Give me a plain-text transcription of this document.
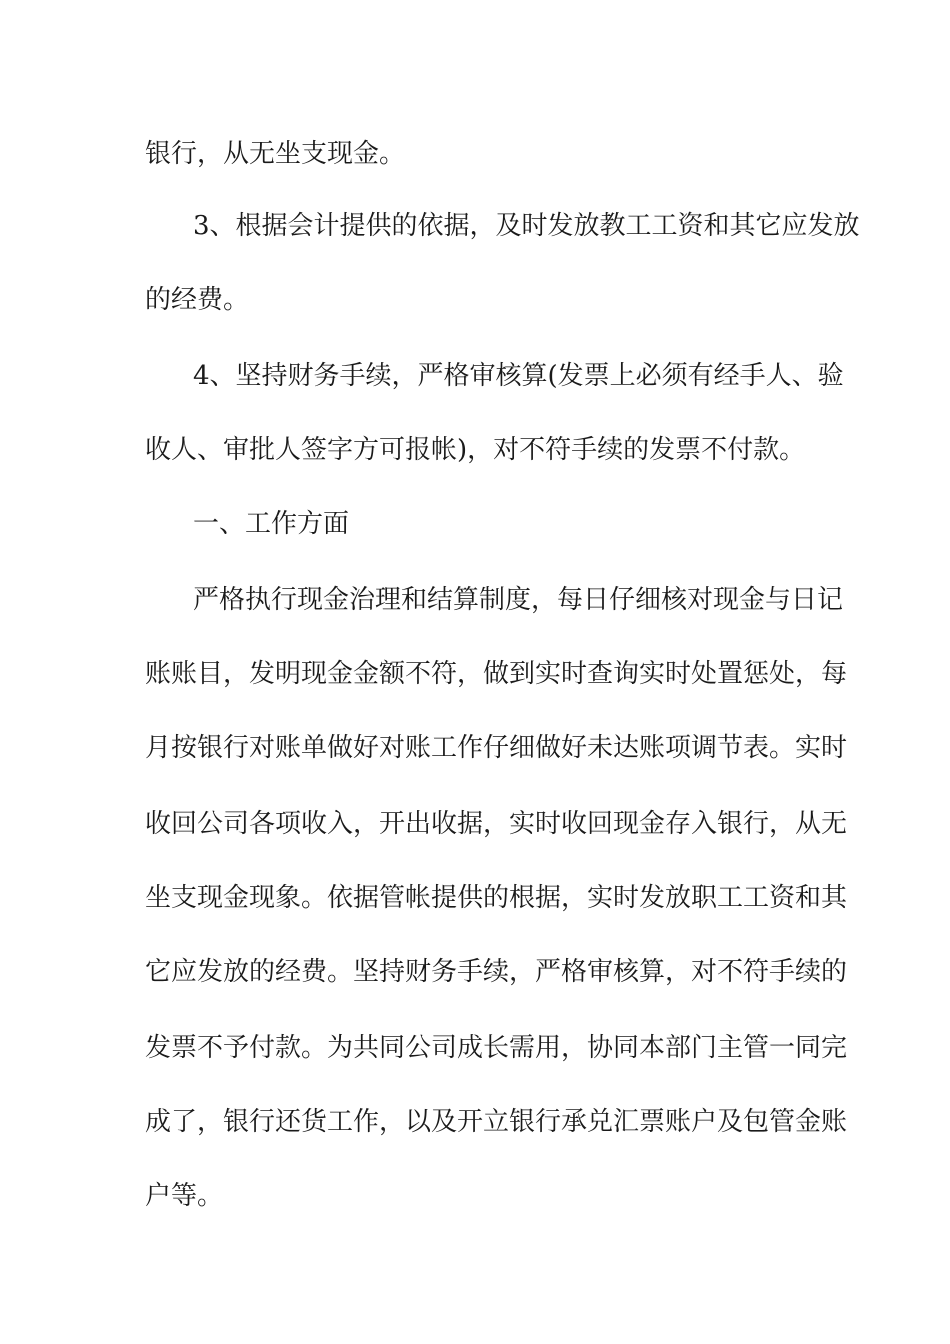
银行，从无坐支现金。
3、根据会计提供的依据，及时发放教工工资和其它应发放
的经费。
4、坚持财务手续，严格审核算(发票上必须有经手人、验
收人、审批人签字方可报帐)，对不符手续的发票不付款。
一、工作方面
严格执行现金治理和结算制度，每日仔细核对现金与日记
账账目，发明现金金额不符，做到实时查询实时处置惩处，每
月按银行对账单做好对账工作仔细做好未达账项调节表。实时
收回公司各项收入，开出收据，实时收回现金存入银行，从无
坐支现金现象。依据管帐提供的根据，实时发放职工工资和其
它应发放的经费。坚持财务手续，严格审核算，对不符手续的
发票不予付款。为共同公司成长需用，协同本部门主管一同完
成了，银行还货工作，以及开立银行承兑汇票账户及包管金账
户等。
